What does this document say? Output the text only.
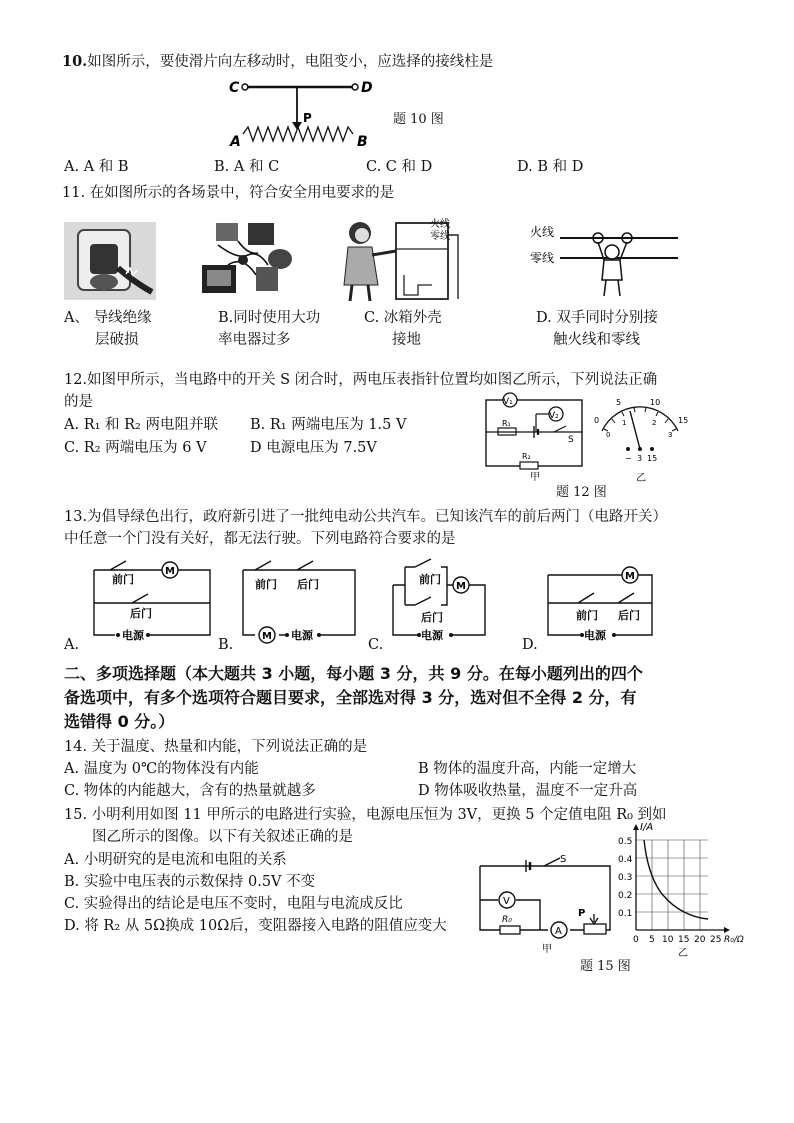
10.如图所示，要使滑片向左移动时，电阻变小，应选择的接线柱是
C	D
P
A	B
题 10 图
A. A 和 B	B. A 和 C	C. C 和 D	D. B 和 D
11. 在如图所示的各场景中，符合安全用电要求的是
火线
零线	火线
零线
A、 导线绝缘
层破损
B.同时使用大功
率电器过多
C. 冰箱外壳
接地
D. 双手同时分别接
触火线和零线
12.如图甲所示，当电路中的开关 S 闭合时，两电压表指针位置均如图乙所示，下列说法正确
的是
A. R₁ 和 R₂ 两电阻并联 B. R₁ 两端电压为 1.5 V
C. R₂ 两端电压为 6 V	D 电源电压为 7.5V
V₁
V₂
R₁
S
R₂
甲
0
5	10
15
0
1	2
3
− 3 15
乙
题 12 图
13.为倡导绿色出行，政府新引进了一批纯电动公共汽车。已知该汽车的前后两门（电路开关）
中任意一个门没有关好，都无法行驶。下列电路符合要求的是
M
前门
后门
电源
A.
前门 后门
M 电源
B.
前门
后门
M
电源
C.
前门 后门
M
电源
D.
二、多项选择题（本大题共 3 小题，每小题 3 分，共 9 分。在每小题列出的四个
备选项中，有多个选项符合题目要求，全部选对得 3 分，选对但不全得 2 分，有
选错得 0 分。）
14. 关于温度、热量和内能，下列说法正确的是
A. 温度为 0℃的物体没有内能	B 物体的温度升高，内能一定增大
C. 物体的内能越大，含有的热量就越多	D 物体吸收热量，温度不一定升高
15. 小明利用如图 11 甲所示的电路进行实验，电源电压恒为 3V，更换 5 个定值电阻 R₀ 到如
图乙所示的图像。以下有关叙述正确的是
A. 小明研究的是电流和电阻的关系
B. 实验中电压表的示数保持 0.5V 不变
C. 实验得出的结论是电压不变时，电阻与电流成反比
D. 将 R₂ 从 5Ω换成 10Ω后，变阻器接入电路的阻值应变大
S
V
R₀
A
P
甲
I/A
0.5
0.4
0.3
0.2
0.1
0 5 10 15 20 25 R₀/Ω
乙
题 15 图
